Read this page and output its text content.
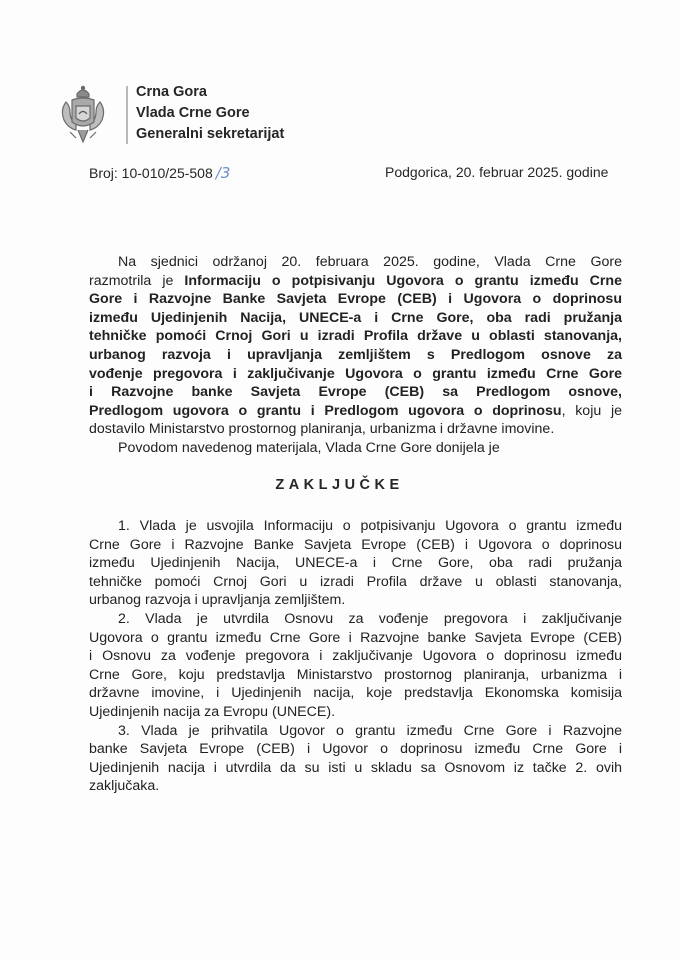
Crna Gora
Vlada Crne Gore
Generalni sekretarijat
Broj: 10-010/25-508 /3	Podgorica, 20. februar 2025. godine
Na sjednici održanoj 20. februara 2025. godine, Vlada Crne Gore
razmotrila je Informaciju o potpisivanju Ugovora o grantu između Crne
Gore i Razvojne Banke Savjeta Evrope (CEB) i Ugovora o doprinosu
između Ujedinjenih Nacija, UNECE-a i Crne Gore, oba radi pružanja
tehničke pomoći Crnoj Gori u izradi Profila države u oblasti stanovanja,
urbanog razvoja i upravljanja zemljištem s Predlogom osnove za
vođenje pregovora i zaključivanje Ugovora o grantu između Crne Gore
i Razvojne banke Savjeta Evrope (CEB) sa Predlogom osnove,
Predlogom ugovora o grantu i Predlogom ugovora o doprinosu, koju je
dostavilo Ministarstvo prostornog planiranja, urbanizma i državne imovine.
Povodom navedenog materijala, Vlada Crne Gore donijela je
ZAKLJUČKE
1. Vlada je usvojila Informaciju o potpisivanju Ugovora o grantu između
Crne Gore i Razvojne Banke Savjeta Evrope (CEB) i Ugovora o doprinosu
između Ujedinjenih Nacija, UNECE-a i Crne Gore, oba radi pružanja
tehničke pomoći Crnoj Gori u izradi Profila države u oblasti stanovanja,
urbanog razvoja i upravljanja zemljištem.
2. Vlada je utvrdila Osnovu za vođenje pregovora i zaključivanje
Ugovora o grantu između Crne Gore i Razvojne banke Savjeta Evrope (CEB)
i Osnovu za vođenje pregovora i zaključivanje Ugovora o doprinosu između
Crne Gore, koju predstavlja Ministarstvo prostornog planiranja, urbanizma i
državne imovine, i Ujedinjenih nacija, koje predstavlja Ekonomska komisija
Ujedinjenih nacija za Evropu (UNECE).
3. Vlada je prihvatila Ugovor o grantu između Crne Gore i Razvojne
banke Savjeta Evrope (CEB) i Ugovor o doprinosu između Crne Gore i
Ujedinjenih nacija i utvrdila da su isti u skladu sa Osnovom iz tačke 2. ovih
zaključaka.
